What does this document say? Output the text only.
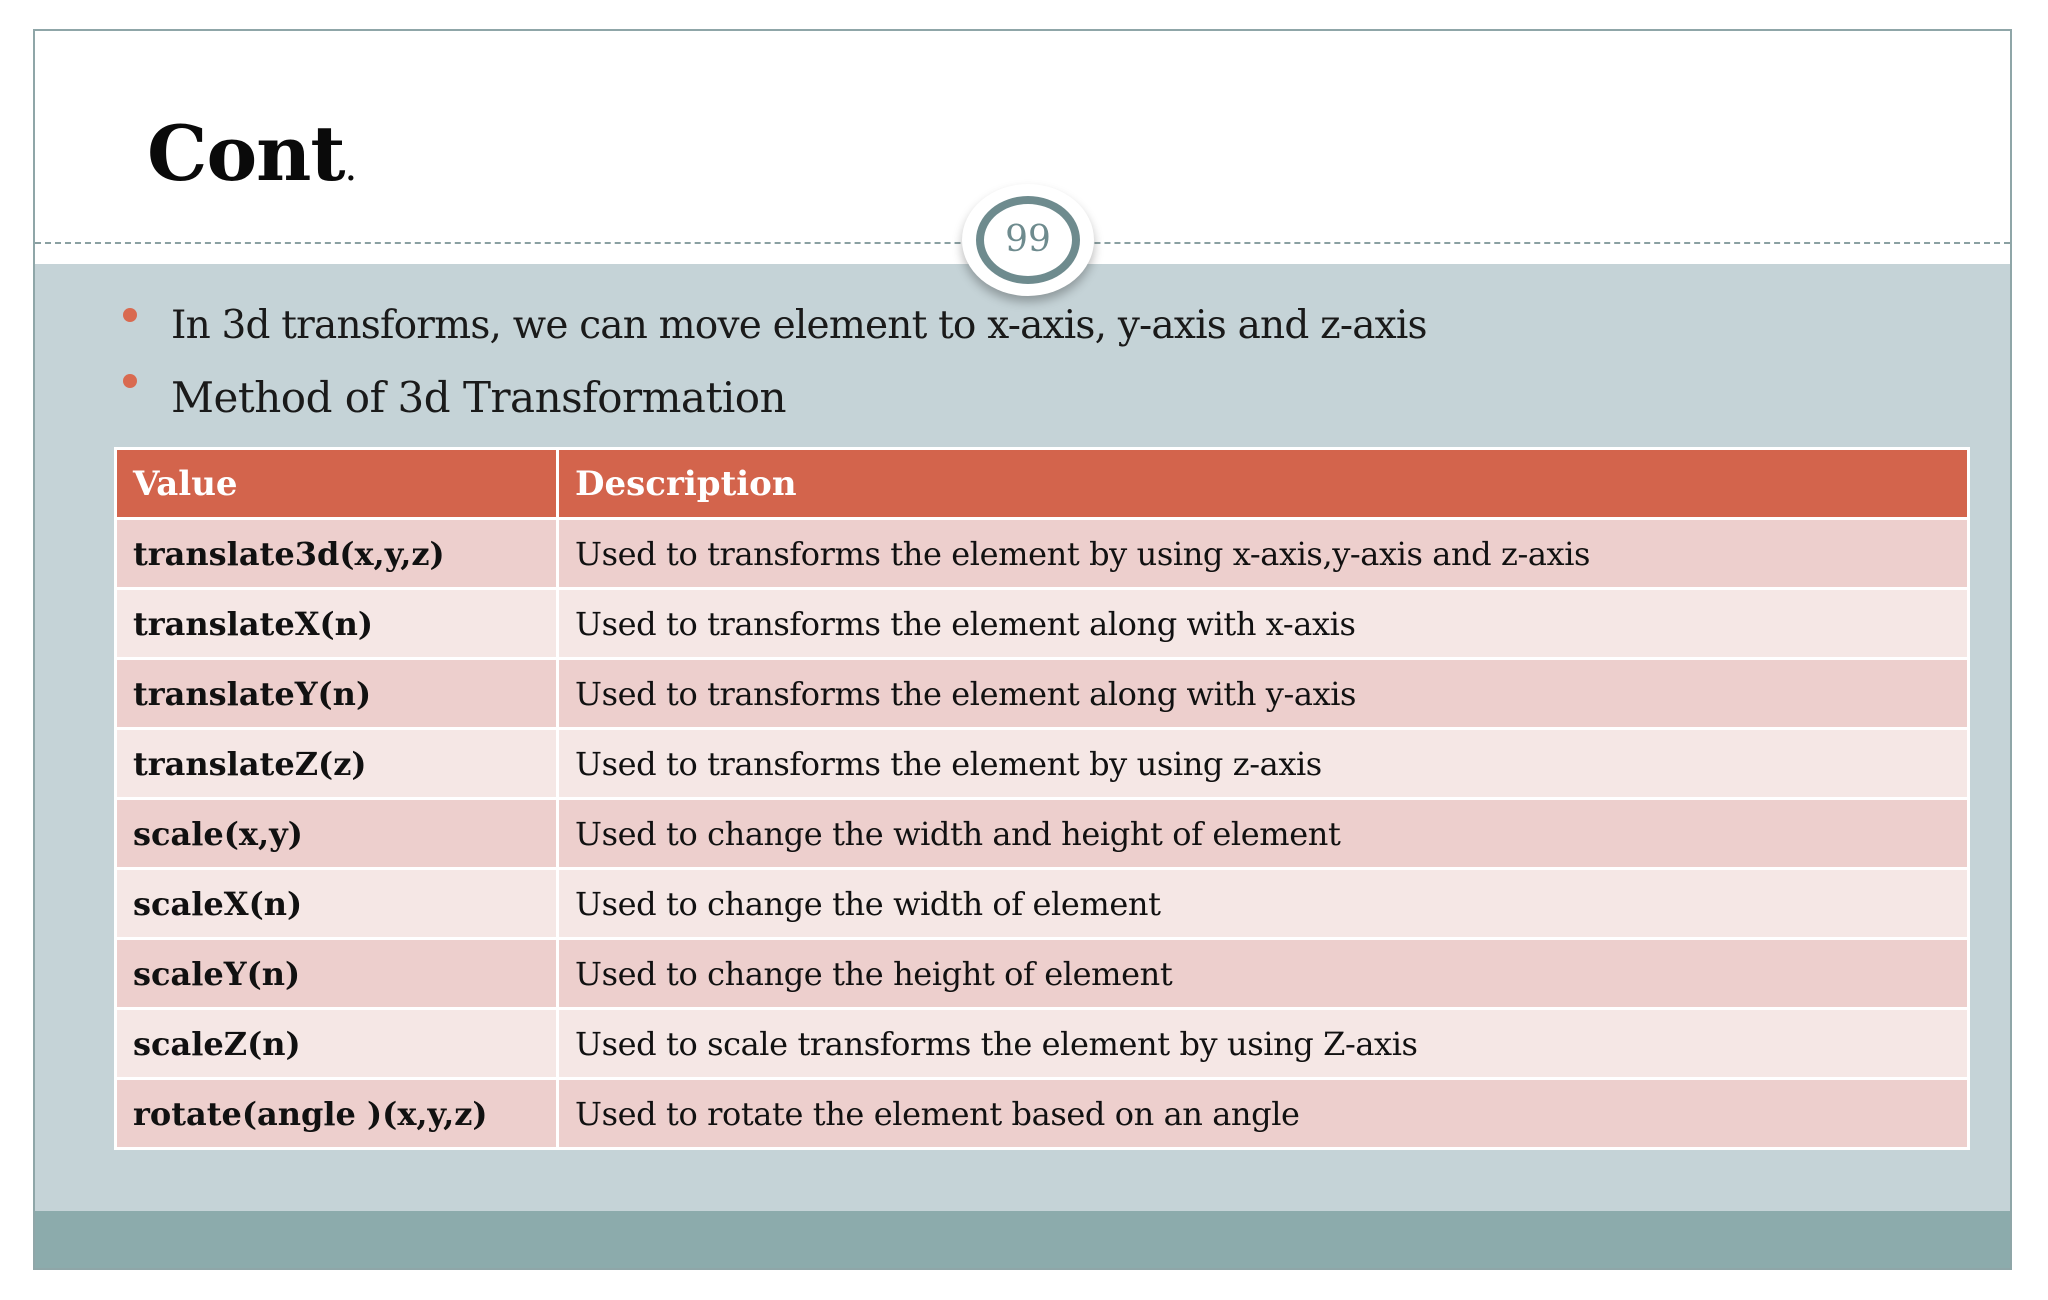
Cont.
99
In 3d transforms, we can move element to x-axis, y-axis and z-axis
Method of 3d Transformation
Value	Description
translate3d(x,y,z)	Used to transforms the element by using x-axis,y-axis and z-axis
translateX(n)	Used to transforms the element along with x-axis
translateY(n)	Used to transforms the element along with y-axis
translateZ(z)	Used to transforms the element by using z-axis
scale(x,y)	Used to change the width and height of element
scaleX(n)	Used to change the width of element
scaleY(n)	Used to change the height of element
scaleZ(n)	Used to scale transforms the element by using Z-axis
rotate(angle )(x,y,z)	Used to rotate the element based on an angle
